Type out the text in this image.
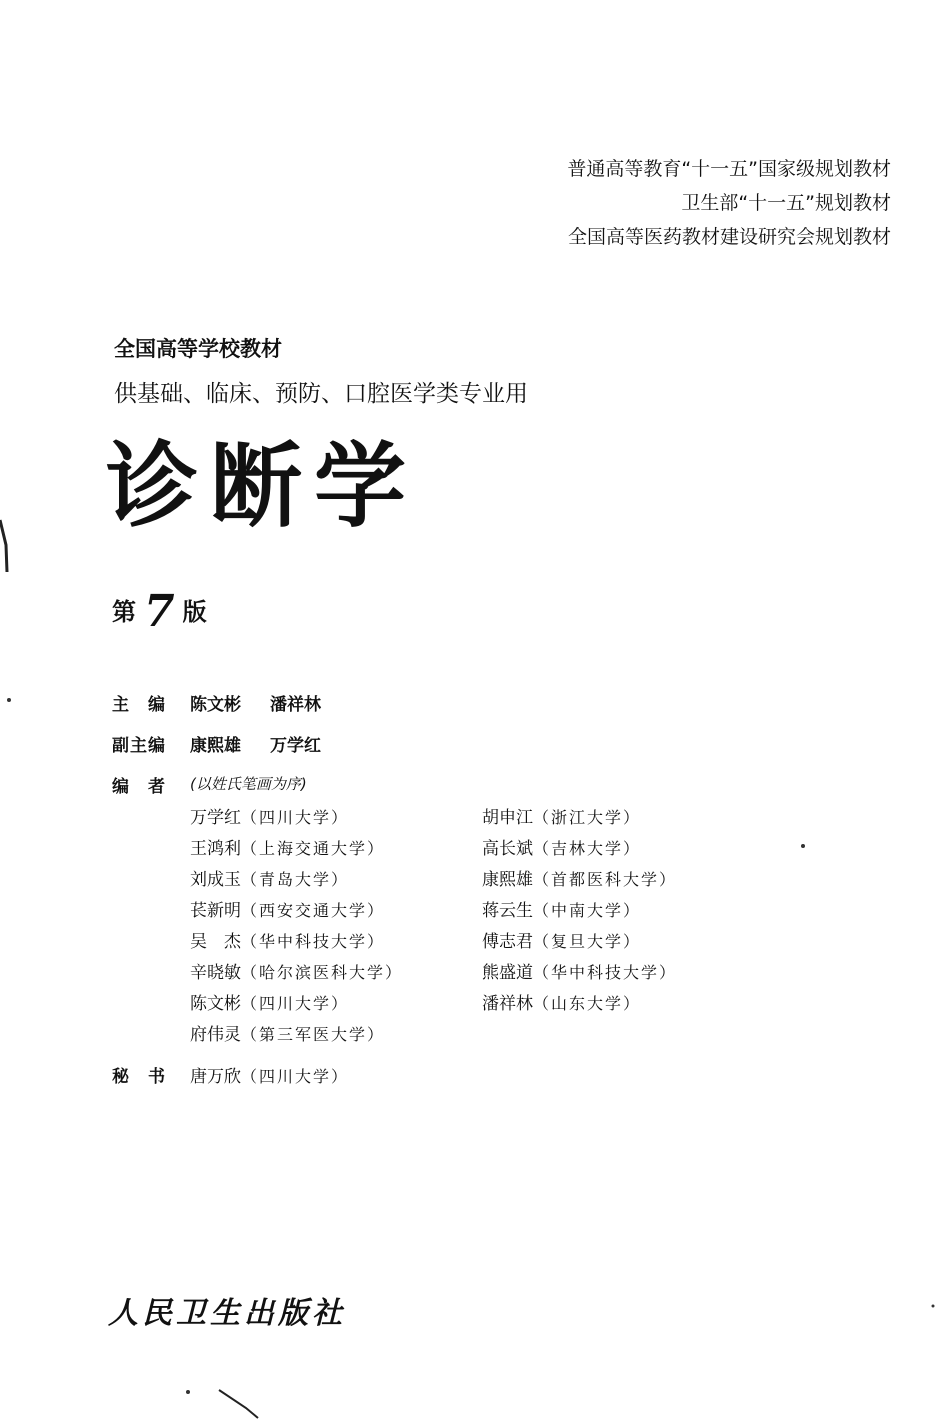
普通高等教育“十一五”国家级规划教材
卫生部“十一五”规划教材
全国高等医药教材建设研究会规划教材
全国高等学校教材
供基础、临床、预防、口腔医学类专业用
诊断学
第 7 版
主　编 陈文彬 潘祥林
副主编 康熙雄 万学红
编　者 (以姓氏笔画为序)
万学红（四川大学）
王鸿利（上海交通大学）
刘成玉（青岛大学）
苌新明（西安交通大学）
吴　杰（华中科技大学）
辛晓敏（哈尔滨医科大学）
陈文彬（四川大学）
府伟灵（第三军医大学）
胡申江（浙江大学）
高长斌（吉林大学）
康熙雄（首都医科大学）
蒋云生（中南大学）
傅志君（复旦大学）
熊盛道（华中科技大学）
潘祥林（山东大学）
秘　书 唐万欣（四川大学）
人民卫生出版社
